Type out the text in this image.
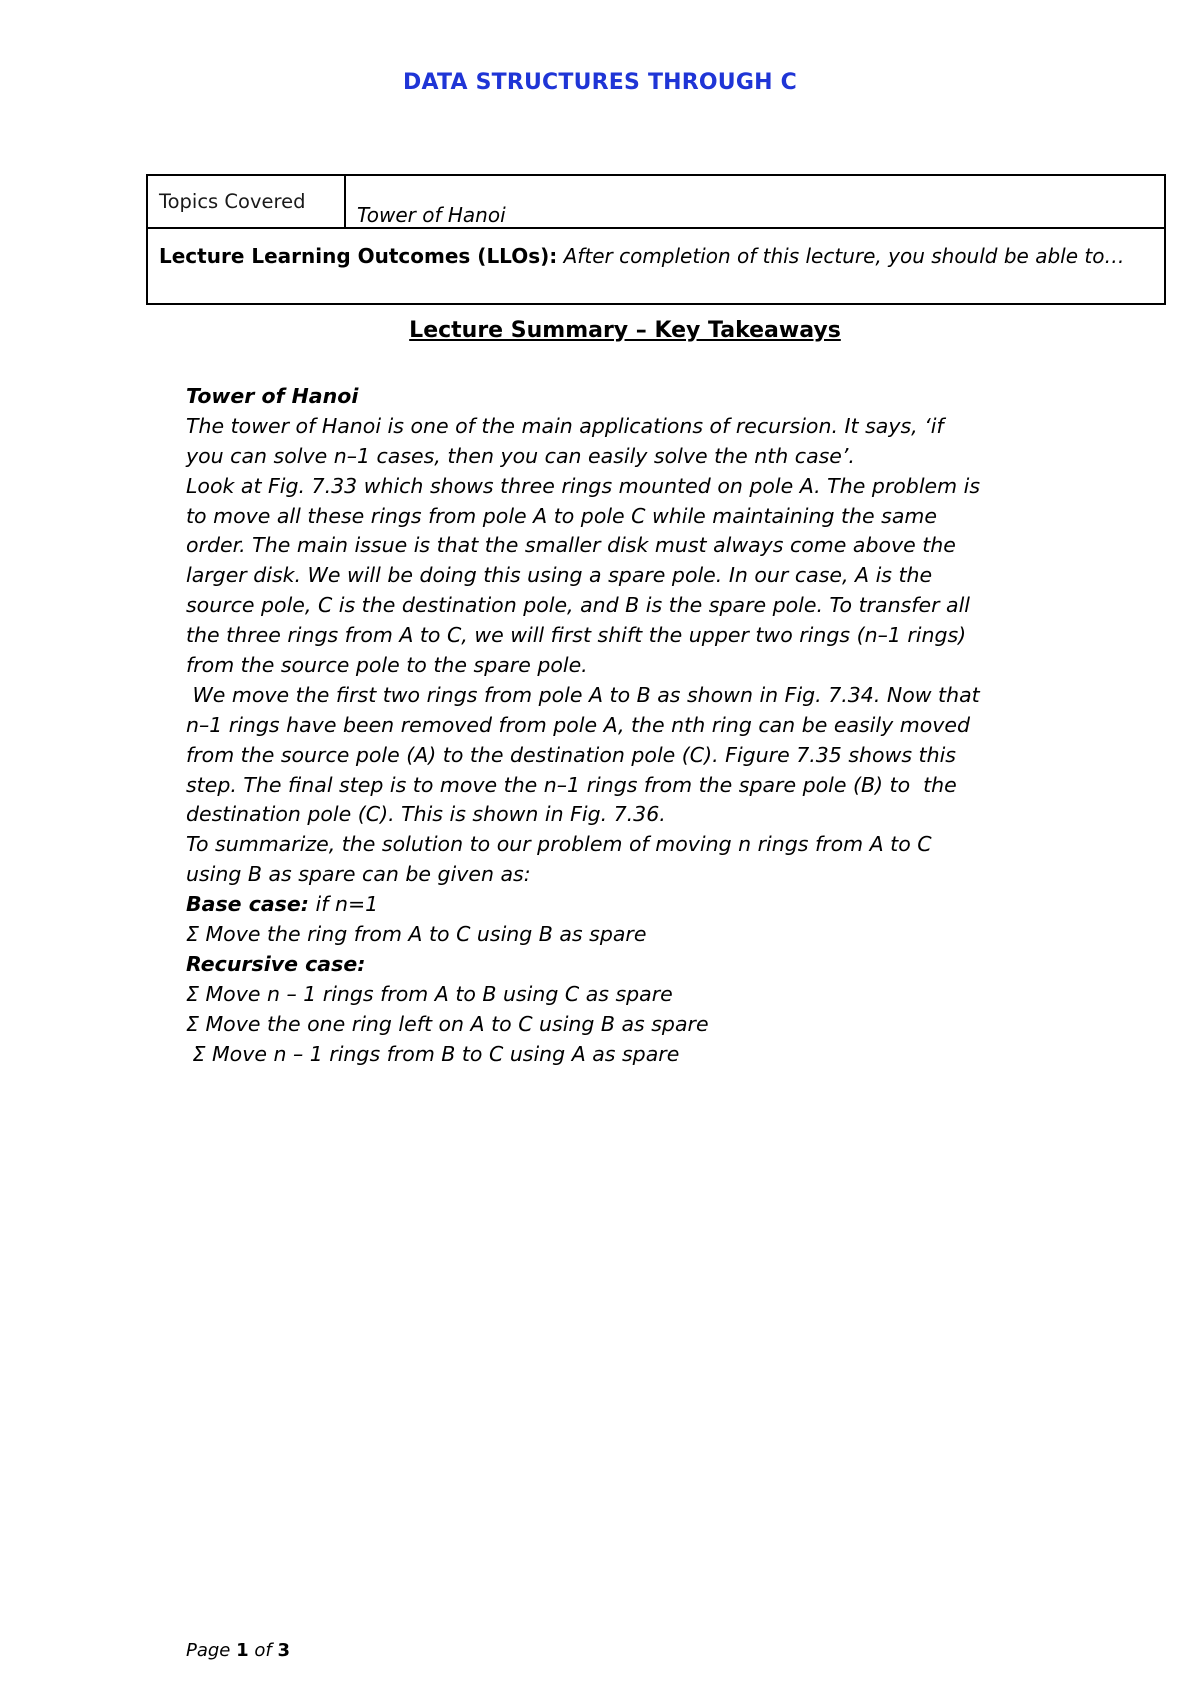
DATA STRUCTURES THROUGH C
Topics Covered	Tower of Hanoi
Lecture Learning Outcomes (LLOs): After completion of this lecture, you should be able to…
Lecture Summary – Key Takeaways
Tower of Hanoi
The tower of Hanoi is one of the main applications of recursion. It says, ‘if
you can solve n–1 cases, then you can easily solve the nth case’.
Look at Fig. 7.33 which shows three rings mounted on pole A. The problem is
to move all these rings from pole A to pole C while maintaining the same
order. The main issue is that the smaller disk must always come above the
larger disk. We will be doing this using a spare pole. In our case, A is the
source pole, C is the destination pole, and B is the spare pole. To transfer all
the three rings from A to C, we will first shift the upper two rings (n–1 rings)
from the source pole to the spare pole.
We move the first two rings from pole A to B as shown in Fig. 7.34. Now that
n–1 rings have been removed from pole A, the nth ring can be easily moved
from the source pole (A) to the destination pole (C). Figure 7.35 shows this
step. The final step is to move the n–1 rings from the spare pole (B) to  the
destination pole (C). This is shown in Fig. 7.36.
To summarize, the solution to our problem of moving n rings from A to C
using B as spare can be given as:
Base case: if n=1
Σ Move the ring from A to C using B as spare
Recursive case:
Σ Move n – 1 rings from A to B using C as spare
Σ Move the one ring left on A to C using B as spare
Σ Move n – 1 rings from B to C using A as spare
Page 1 of 3
